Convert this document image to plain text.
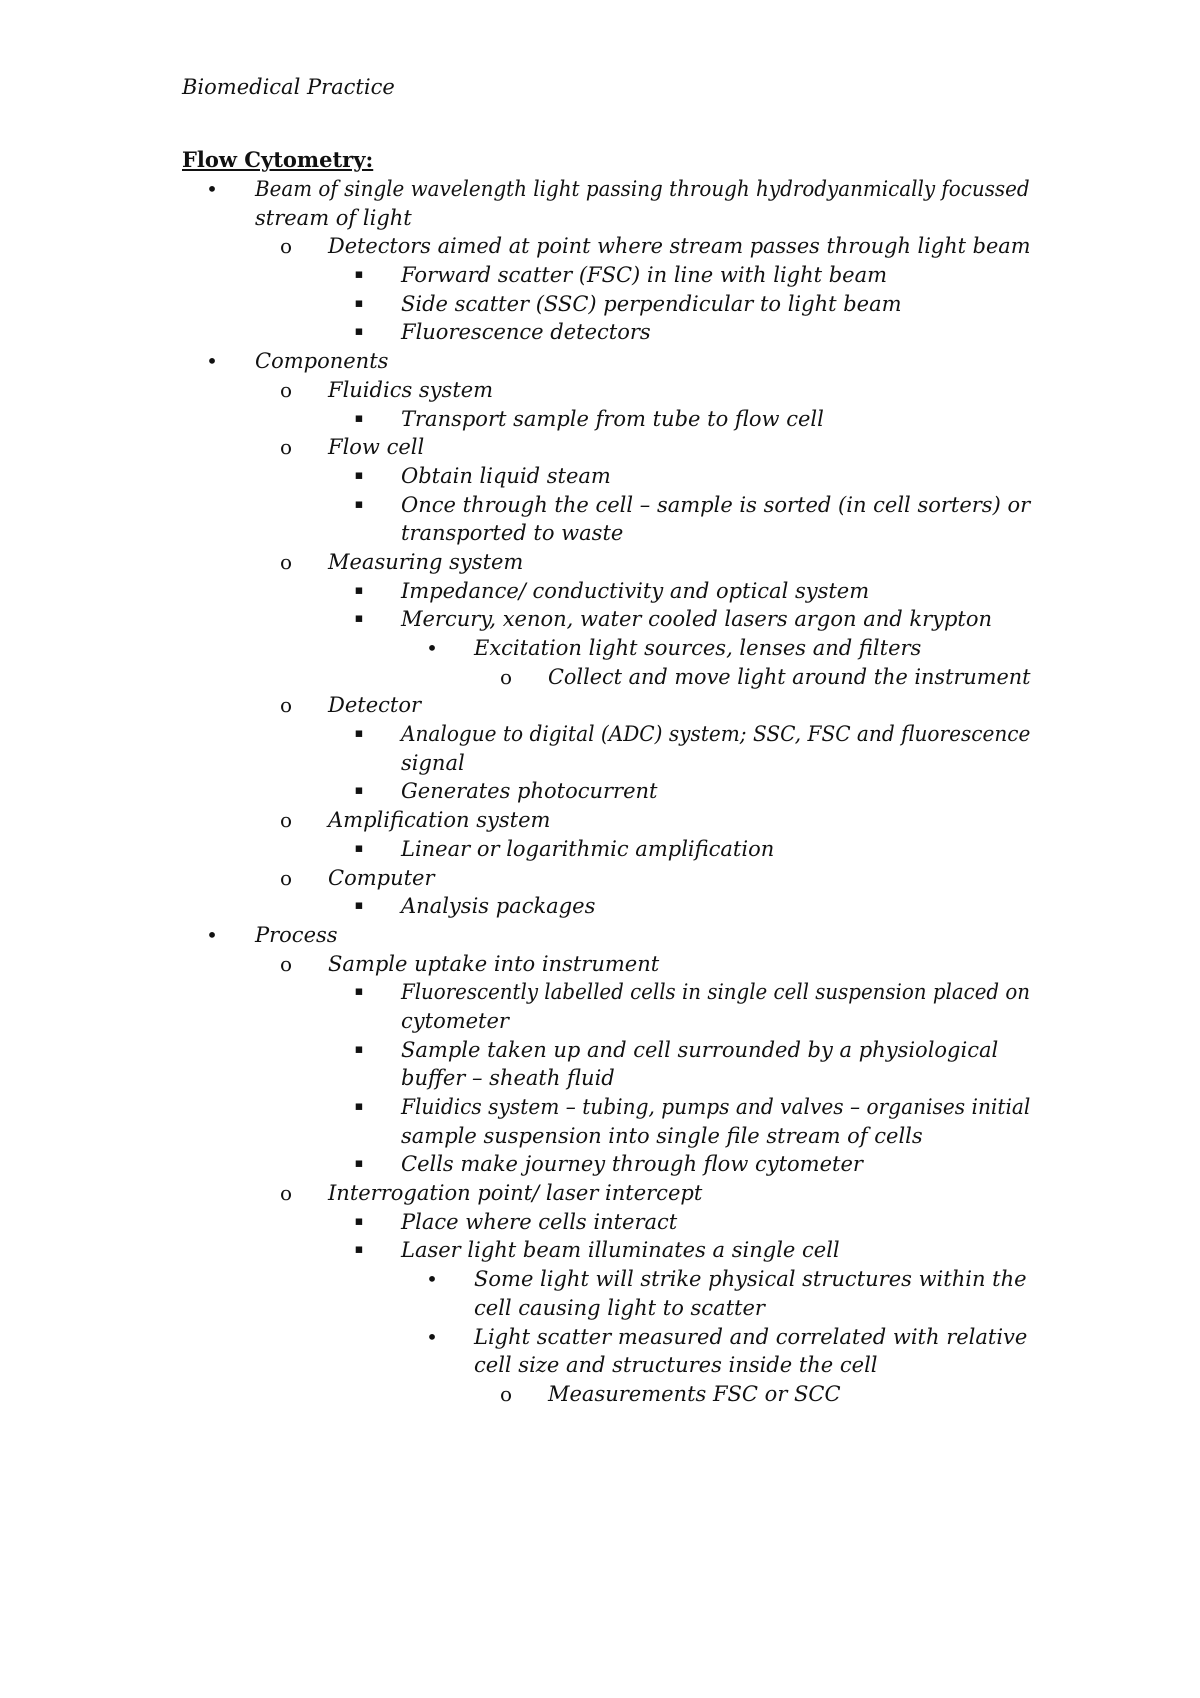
Biomedical Practice
Flow Cytometry:
• Beam of single wavelength light passing through hydrodyanmically focussed
stream of light
o Detectors aimed at point where stream passes through light beam
▪	Forward scatter (FSC) in line with light beam
▪	Side scatter (SSC) perpendicular to light beam
▪	Fluorescence detectors
• Components
o Fluidics system
▪	Transport sample from tube to flow cell
o Flow cell
▪	Obtain liquid steam
▪	Once through the cell – sample is sorted (in cell sorters) or
transported to waste
o Measuring system
▪	Impedance/ conductivity and optical system
▪	Mercury, xenon, water cooled lasers argon and krypton
• Excitation light sources, lenses and filters
o Collect and move light around the instrument
o Detector
▪	Analogue to digital (ADC) system; SSC, FSC and fluorescence
signal
▪	Generates photocurrent
o Amplification system
▪	Linear or logarithmic amplification
o Computer
▪	Analysis packages
• Process
o Sample uptake into instrument
▪	Fluorescently labelled cells in single cell suspension placed on
cytometer
▪	Sample taken up and cell surrounded by a physiological
buffer – sheath fluid
▪	Fluidics system – tubing, pumps and valves – organises initial
sample suspension into single file stream of cells
▪	Cells make journey through flow cytometer
o Interrogation point/ laser intercept
▪	Place where cells interact
▪	Laser light beam illuminates a single cell
• Some light will strike physical structures within the
cell causing light to scatter
• Light scatter measured and correlated with relative
cell size and structures inside the cell
o Measurements FSC or SCC
